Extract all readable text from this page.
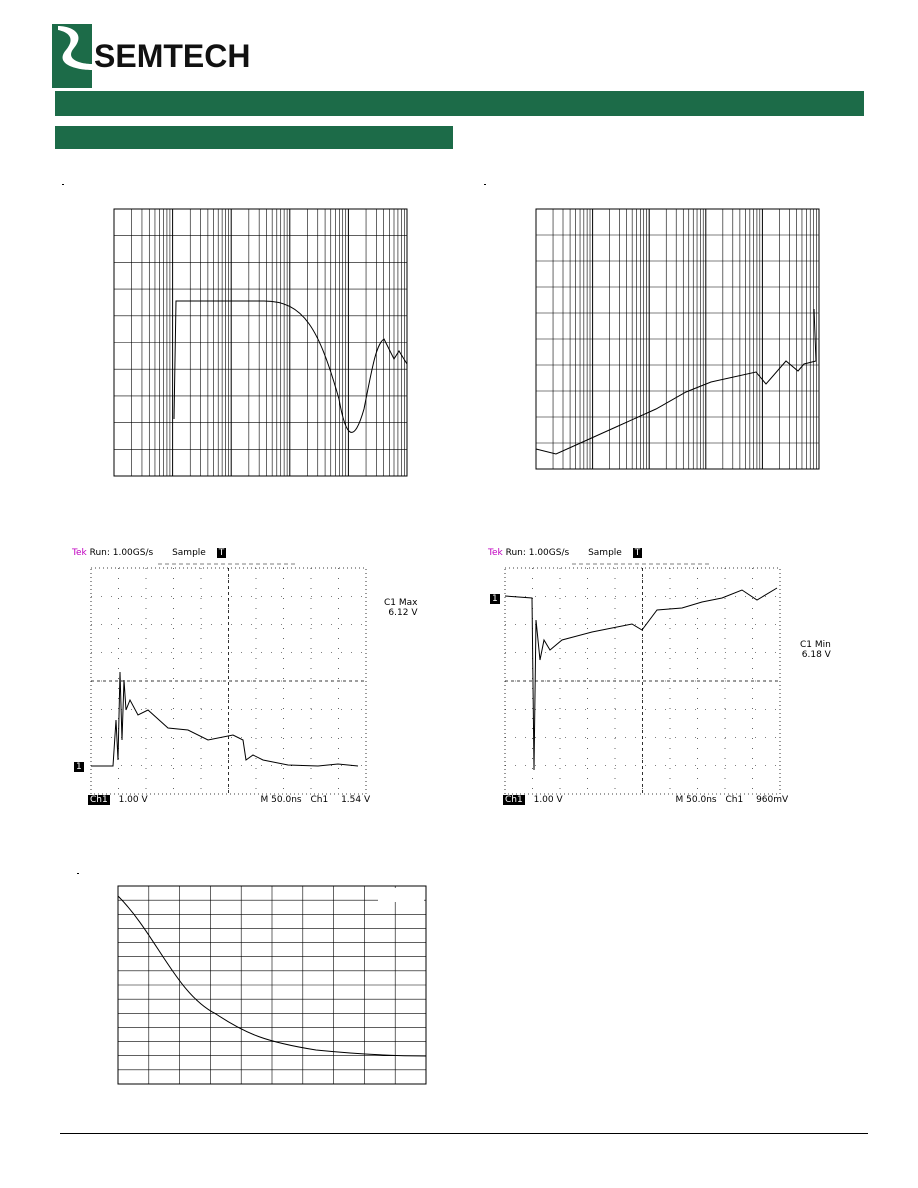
SEMTECH
Tek Run: 1.00GS/s Sample T
C1 Max
6.12 V
1
Ch1 1.00 V	M 50.0ns Ch1 1.54 V
Tek Run: 1.00GS/s Sample T
C1 Min
6.18 V
1
Ch1 1.00 V	M 50.0ns Ch1 960mV
